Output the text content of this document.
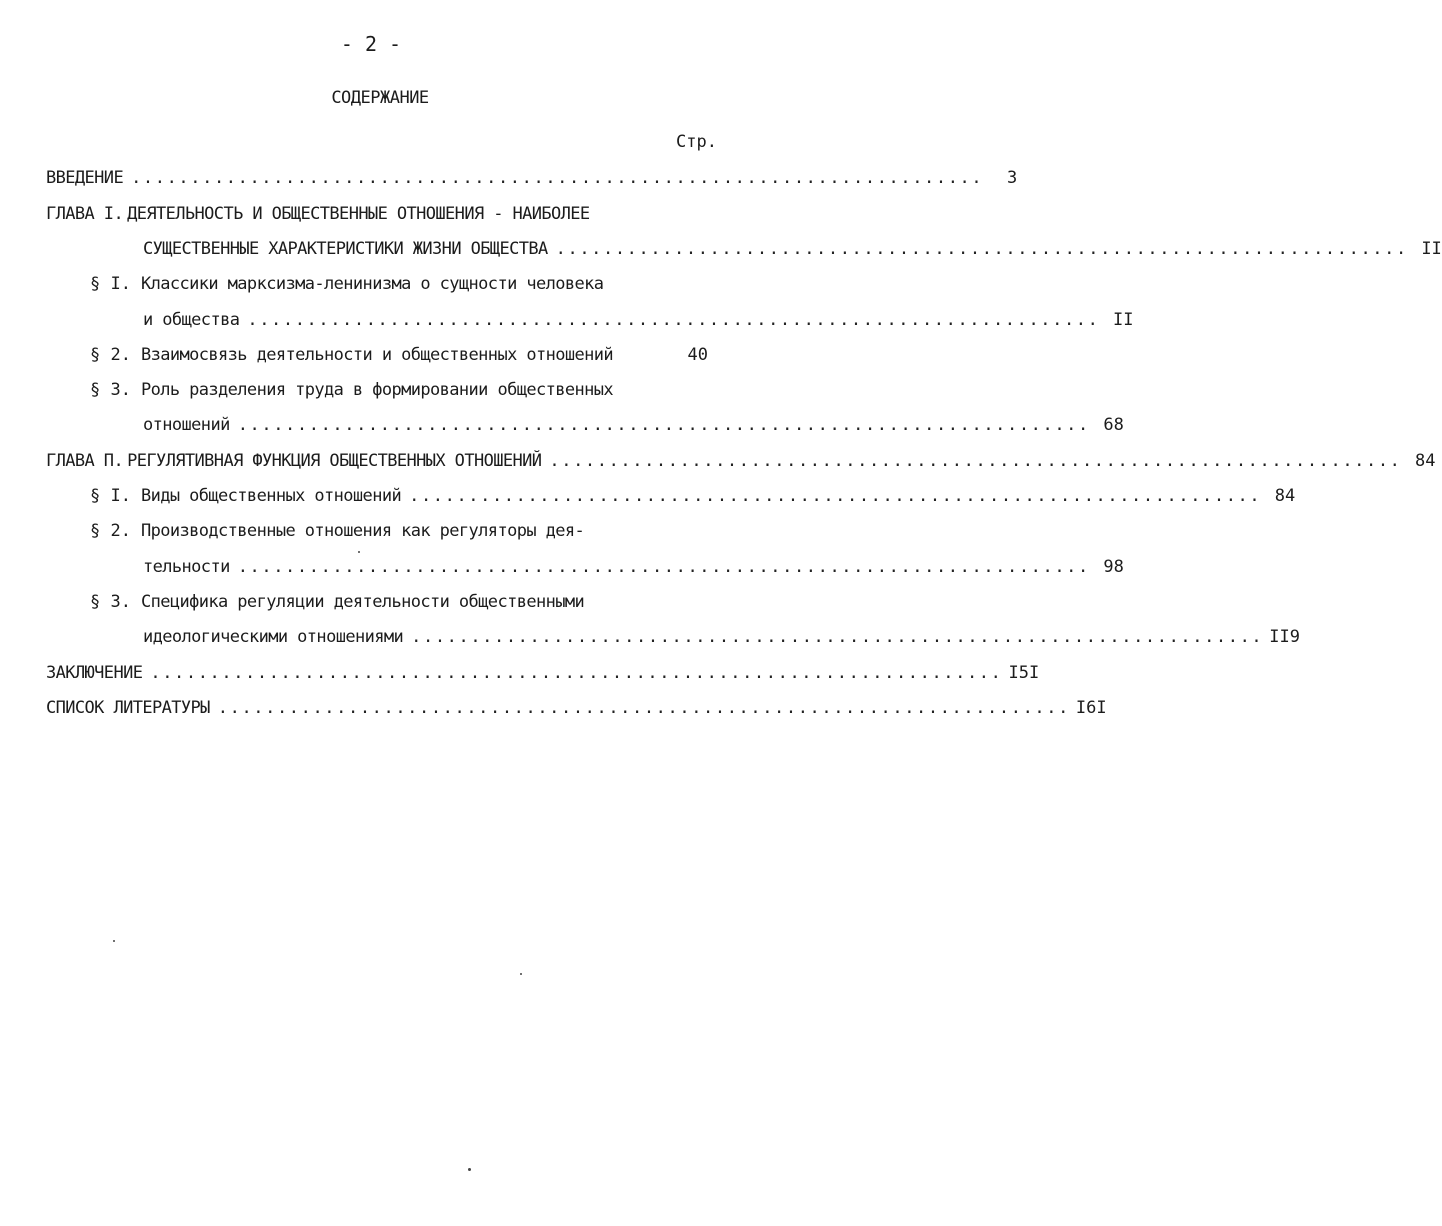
- 2 -
СОДЕРЖАНИЕ
Стр.
ВВЕДЕНИЕ ........................................................................	3
ГЛАВА I. ДЕЯТЕЛЬНОСТЬ И ОБЩЕСТВЕННЫЕ ОТНОШЕНИЯ - НАИБОЛЕЕ
СУЩЕСТВЕННЫЕ ХАРАКТЕРИСТИКИ ЖИЗНИ ОБЩЕСТВА ........................................................................ II
§ I. Классики марксизма-ленинизма о сущности человека
и общества ........................................................................ II
§ 2. Взаимосвязь деятельности и общественных отношений	40
§ 3. Роль разделения труда в формировании общественных
отношений ........................................................................ 68
ГЛАВА П. РЕГУЛЯТИВНАЯ ФУНКЦИЯ ОБЩЕСТВЕННЫХ ОТНОШЕНИЙ ........................................................................ 84
§ I. Виды общественных отношений ........................................................................ 84
§ 2. Производственные отношения как регуляторы дея-
тельности ........................................................................ 98
§ 3. Специфика регуляции деятельности общественными
идеологическими отношениями ........................................................................ II9
ЗАКЛЮЧЕНИЕ ........................................................................ I5I
СПИСОК ЛИТЕРАТУРЫ ........................................................................ I6I
